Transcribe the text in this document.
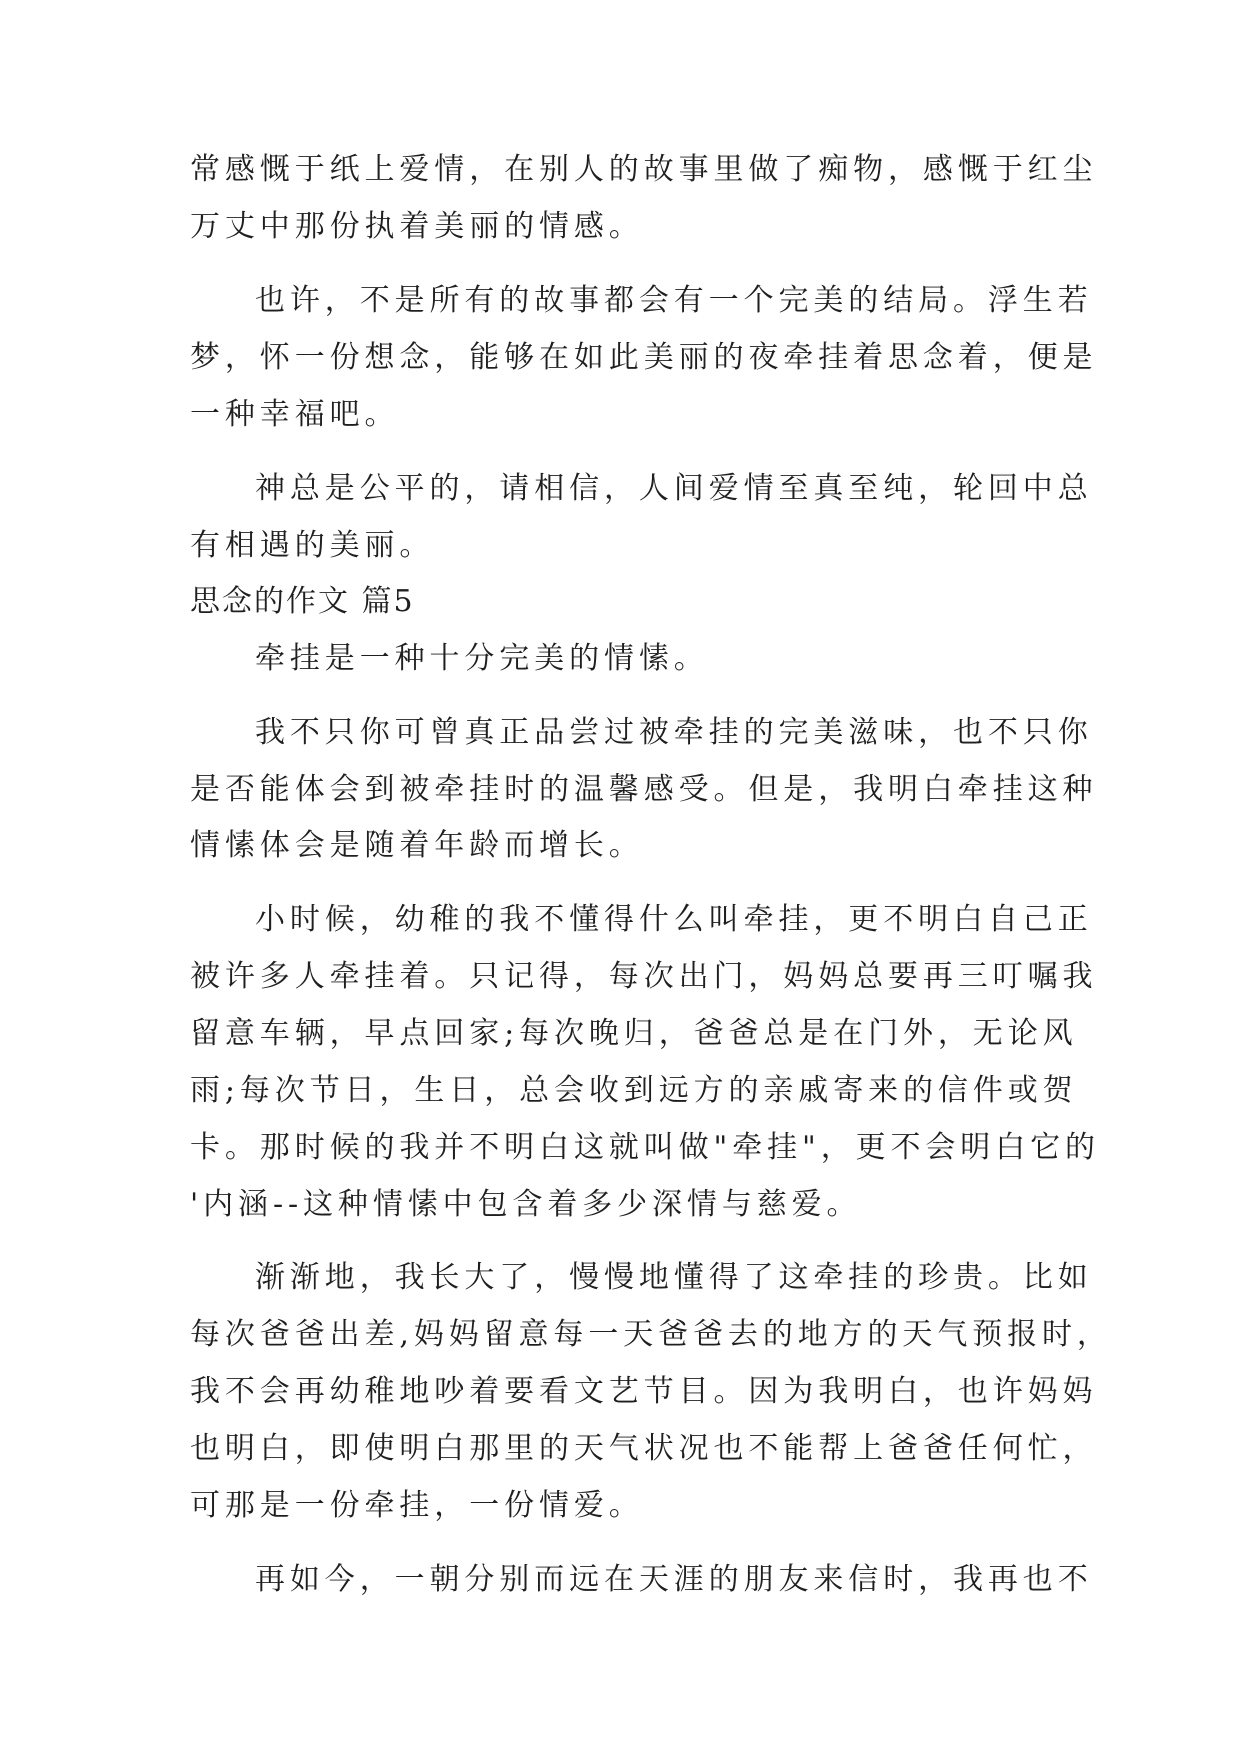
常感慨于纸上爱情，在别人的故事里做了痴物，感慨于红尘

万丈中那份执着美丽的情感。

也许，不是所有的故事都会有一个完美的结局。浮生若

梦，怀一份想念，能够在如此美丽的夜牵挂着思念着，便是

一种幸福吧。

神总是公平的，请相信，人间爱情至真至纯，轮回中总

有相遇的美丽。

思念的作文 篇5

牵挂是一种十分完美的情愫。

我不只你可曾真正品尝过被牵挂的完美滋味，也不只你

是否能体会到被牵挂时的温馨感受。但是，我明白牵挂这种

情愫体会是随着年龄而增长。

小时候，幼稚的我不懂得什么叫牵挂，更不明白自己正

被许多人牵挂着。只记得，每次出门，妈妈总要再三叮嘱我

留意车辆，早点回家;每次晚归，爸爸总是在门外，无论风

雨;每次节日，生日，总会收到远方的亲戚寄来的信件或贺

卡。那时候的我并不明白这就叫做"牵挂"，更不会明白它的

'内涵--这种情愫中包含着多少深情与慈爱。

渐渐地，我长大了，慢慢地懂得了这牵挂的珍贵。比如

每次爸爸出差,妈妈留意每一天爸爸去的地方的天气预报时，

我不会再幼稚地吵着要看文艺节目。因为我明白，也许妈妈

也明白，即使明白那里的天气状况也不能帮上爸爸任何忙，

可那是一份牵挂，一份情爱。

再如今，一朝分别而远在天涯的朋友来信时，我再也不
